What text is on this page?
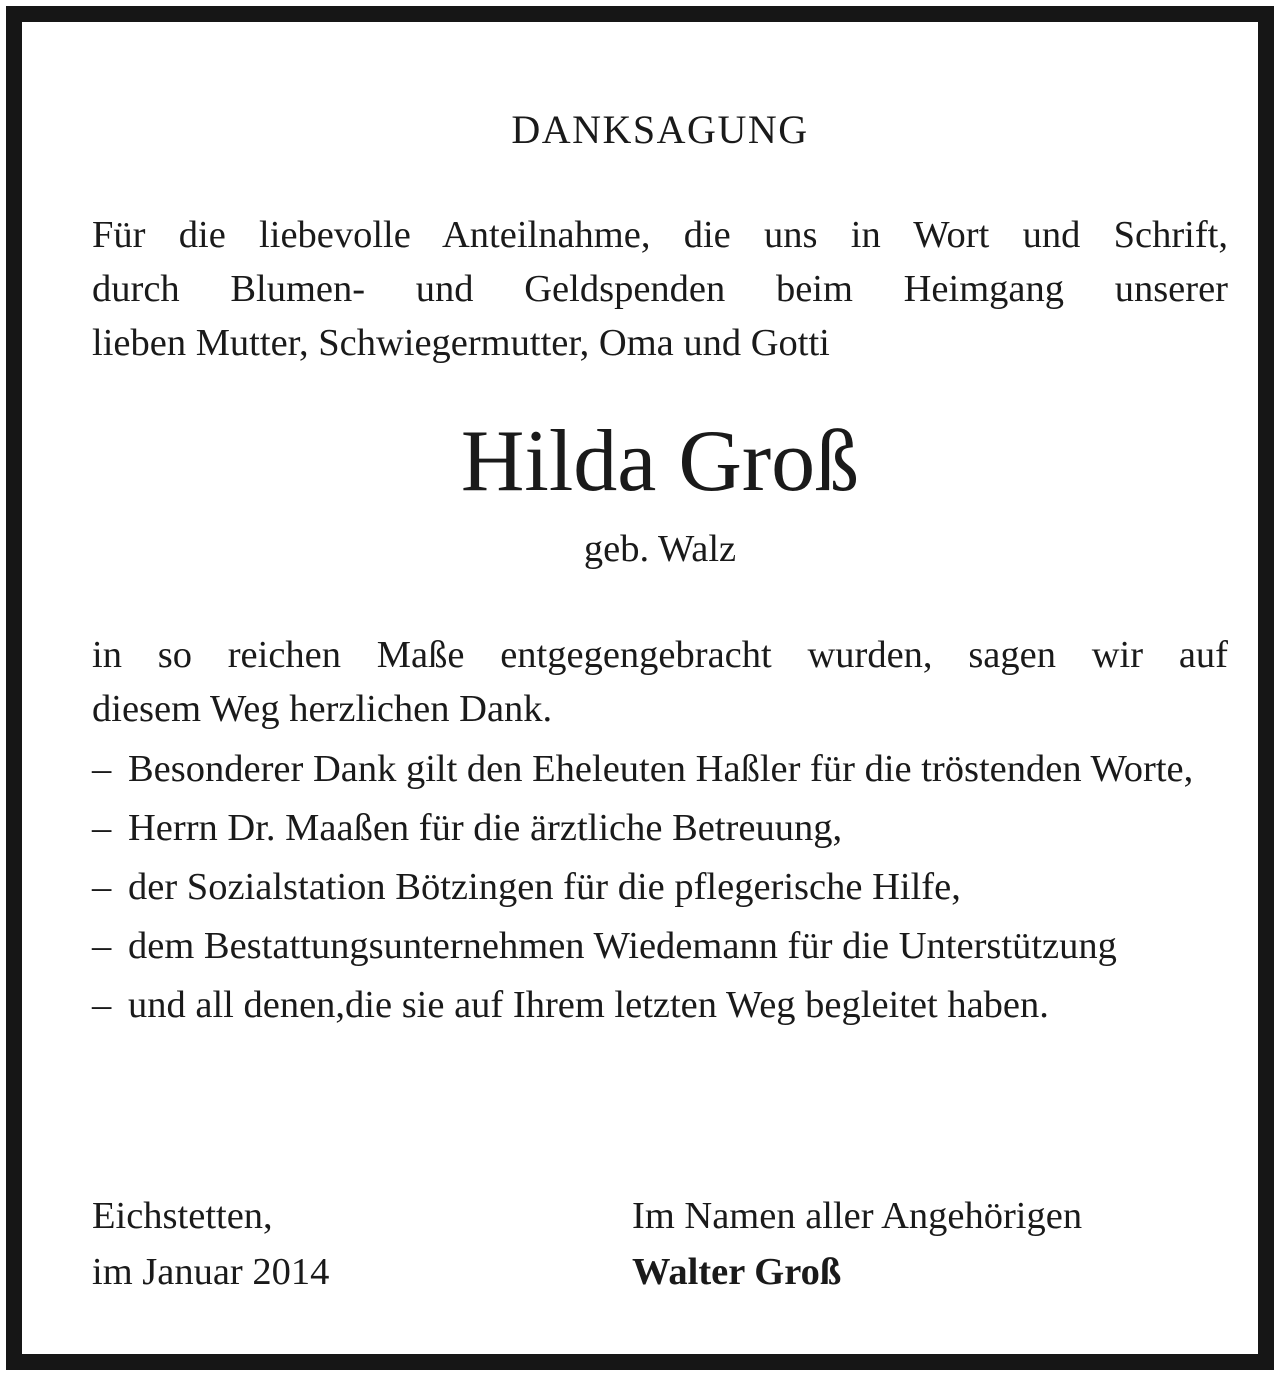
DANKSAGUNG
Für die liebevolle Anteilnahme, die uns in Wort und Schrift,
durch Blumen- und Geldspenden beim Heimgang unserer
lieben Mutter, Schwiegermutter, Oma und Gotti
Hilda Groß
geb. Walz
in so reichen Maße entgegengebracht wurden, sagen wir auf
diesem Weg herzlichen Dank.
– Besonderer Dank gilt den Eheleuten Haßler für die tröstenden Worte,
– Herrn Dr. Maaßen für die ärztliche Betreuung,
– der Sozialstation Bötzingen für die pflegerische Hilfe,
– dem Bestattungsunternehmen Wiedemann für die Unterstützung
– und all denen,die sie auf Ihrem letzten Weg begleitet haben.
Eichstetten,
im Januar 2014
Im Namen aller Angehörigen
Walter Groß
